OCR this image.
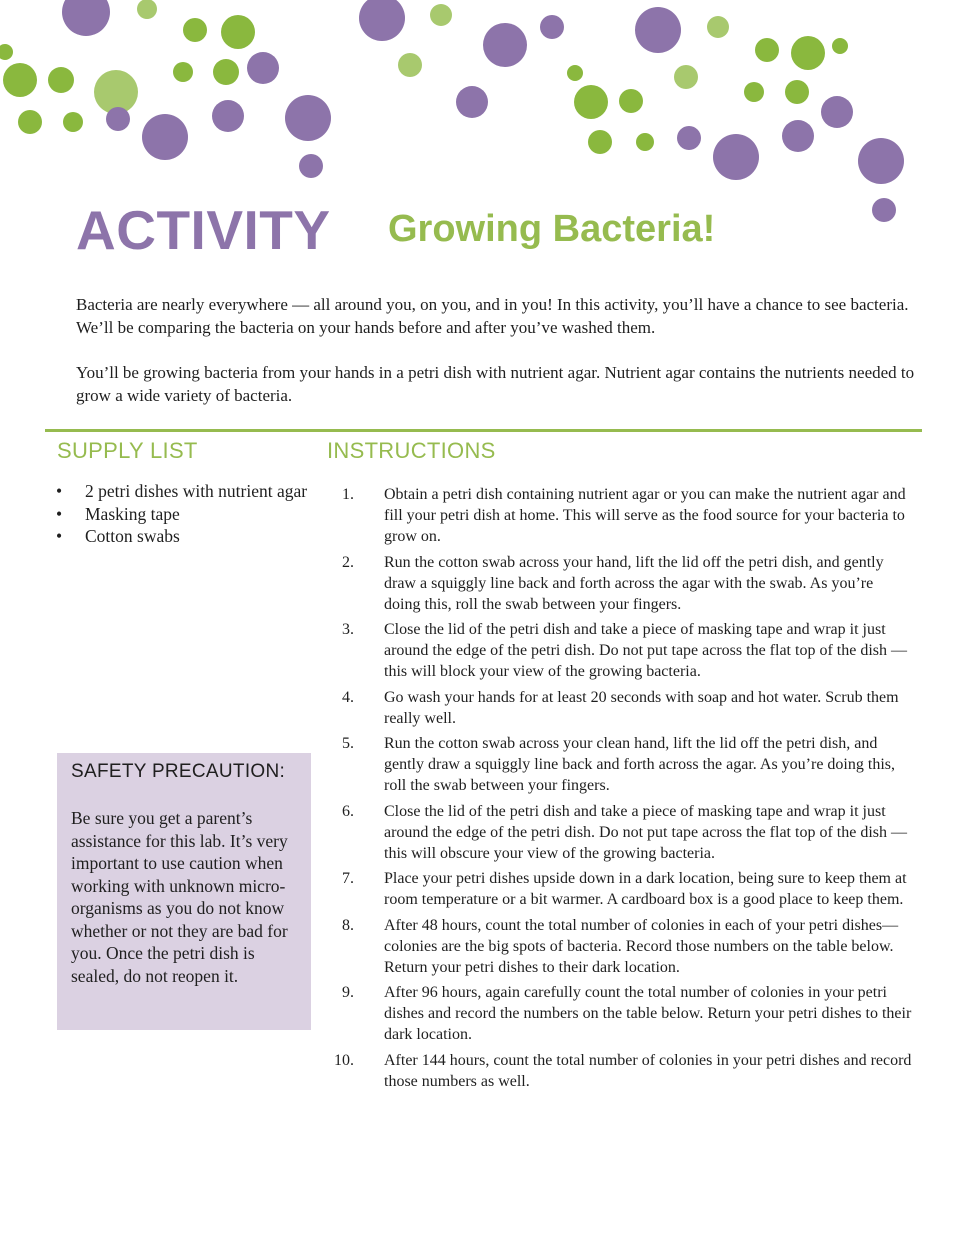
ACTIVITY Growing Bacteria!

Bacteria are nearly everywhere — all around you, on you, and in you! In this activity, you’ll have a chance to see bacteria. We’ll be comparing the bacteria on your hands before and after you’ve washed them.

You’ll be growing bacteria from your hands in a petri dish with nutrient agar. Nutrient agar contains the nutrients needed to grow a wide variety of bacteria.

SUPPLY LIST
• 2 petri dishes with nutrient agar
• Masking tape
• Cotton swabs
SAFETY PRECAUTION:

Be sure you get a parent’s assistance for this lab. It’s very important to use caution when working with unknown micro-organisms as you do not know whether or not they are bad for you. Once the petri dish is sealed, do not reopen it.

INSTRUCTIONS
1. Obtain a petri dish containing nutrient agar or you can make the nutrient agar and fill your petri dish at home. This will serve as the food source for your bacteria to grow on.
2. Run the cotton swab across your hand, lift the lid off the petri dish, and gently draw a squiggly line back and forth across the agar with the swab. As you’re doing this, roll the swab between your fingers.
3. Close the lid of the petri dish and take a piece of masking tape and wrap it just around the edge of the petri dish. Do not put tape across the flat top of the dish — this will block your view of the growing bacteria.
4. Go wash your hands for at least 20 seconds with soap and hot water. Scrub them really well.
5. Run the cotton swab across your clean hand, lift the lid off the petri dish, and gently draw a squiggly line back and forth across the agar. As you’re doing this, roll the swab between your fingers.
6. Close the lid of the petri dish and take a piece of masking tape and wrap it just around the edge of the petri dish. Do not put tape across the flat top of the dish — this will obscure your view of the growing bacteria.
7. Place your petri dishes upside down in a dark location, being sure to keep them at room temperature or a bit warmer. A cardboard box is a good place to keep them.
8. After 48 hours, count the total number of colonies in each of your petri dishes—colonies are the big spots of bacteria. Record those numbers on the table below. Return your petri dishes to their dark location.
9. After 96 hours, again carefully count the total number of colonies in your petri dishes and record the numbers on the table below. Return your petri dishes to their dark location.
10. After 144 hours, count the total number of colonies in your petri dishes and record those numbers as well.
